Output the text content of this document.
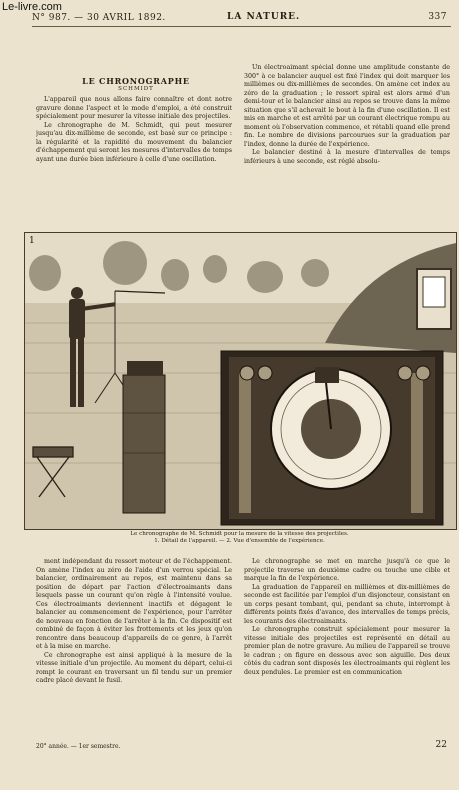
Le-livre.com
N° 987. — 30 AVRIL 1892.	LA NATURE.	337
LE CHRONOGRAPHE
SCHMIDT

L'appareil que nous allons faire connaître et dont notre gravure donne l'aspect et le mode d'emploi, a été construit spécialement pour mesurer la vitesse initiale des projectiles.

Le chronographe de M. Schmidt, qui peut mesurer jusqu'au dix-millième de seconde, est basé sur ce principe : la régularité et la rapidité du mouvement du balancier d'échappement qui seront les mesures d'intervalles de temps ayant une durée bien inférieure à celle d'une oscillation.

Un électroaimant spécial donne une amplitude constante de 300° à ce balancier auquel est fixé l'index qui doit marquer les millièmes ou dix-millièmes de secondes. On amène cet index au zéro de la graduation ; le ressort spiral est alors armé d'un demi-tour et le balancier ainsi au repos se trouve dans la même situation que s'il achevait le bout à la fin d'une oscillation. Il est mis en marche et est arrêté par un courant électrique rompu au moment où l'observation commence, et rétabli quand elle prend fin. Le nombre de divisions parcourues sur la graduation par l'index, donne la durée de l'expérience.

Le balancier destiné à la mesure d'intervalles de temps inférieurs à une seconde, est réglé absolu-

1
Le chronographe de M. Schmidt pour la mesure de la vitesse des projectiles.
1. Détail de l'appareil. — 2. Vue d'ensemble de l'expérience.

ment indépendant du ressort moteur et de l'échappement. On amène l'index au zéro de l'aide d'un verrou spécial. Le balancier, ordinairement au repos, est maintenu dans sa position de départ par l'action d'électroaimants dans lesquels passe un courant qu'on règle à l'intensité voulue. Ces électroaimants deviennent inactifs et dégagent le balancier au commencement de l'expérience, pour l'arrêter de nouveau en fonction de l'arrêter à la fin. Ce dispositif est combiné de façon à éviter les frottements et les jeux qu'on rencontre dans beaucoup d'appareils de ce genre, à l'arrêt et à la mise en marche.

Ce chronographe est ainsi appliqué à la mesure de la vitesse initiale d'un projectile. Au moment du départ, celui-ci rompt le courant en traversant un fil tendu sur un premier cadre placé devant le fusil.

Le chronographe se met en marche jusqu'à ce que le projectile traverse un deuxième cadre ou touche une cible et marque la fin de l'expérience.

La graduation de l'appareil en millièmes et dix-millièmes de seconde est facilitée par l'emploi d'un disjoncteur, consistant en un corps pesant tombant, qui, pendant sa chute, interrompt à différents points fixés d'avance, des intervalles de temps précis, les courants des électroaimants.

Le chronographe construit spécialement pour mesurer la vitesse initiale des projectiles est représenté en détail au premier plan de notre gravure. Au milieu de l'appareil se trouve le cadran ; on figure en dessous avec son aiguille. Des deux côtés du cadran sont disposés les électroaimants qui règlent les deux pendules. Le premier est en communication

20° année. — 1er semestre.	22
